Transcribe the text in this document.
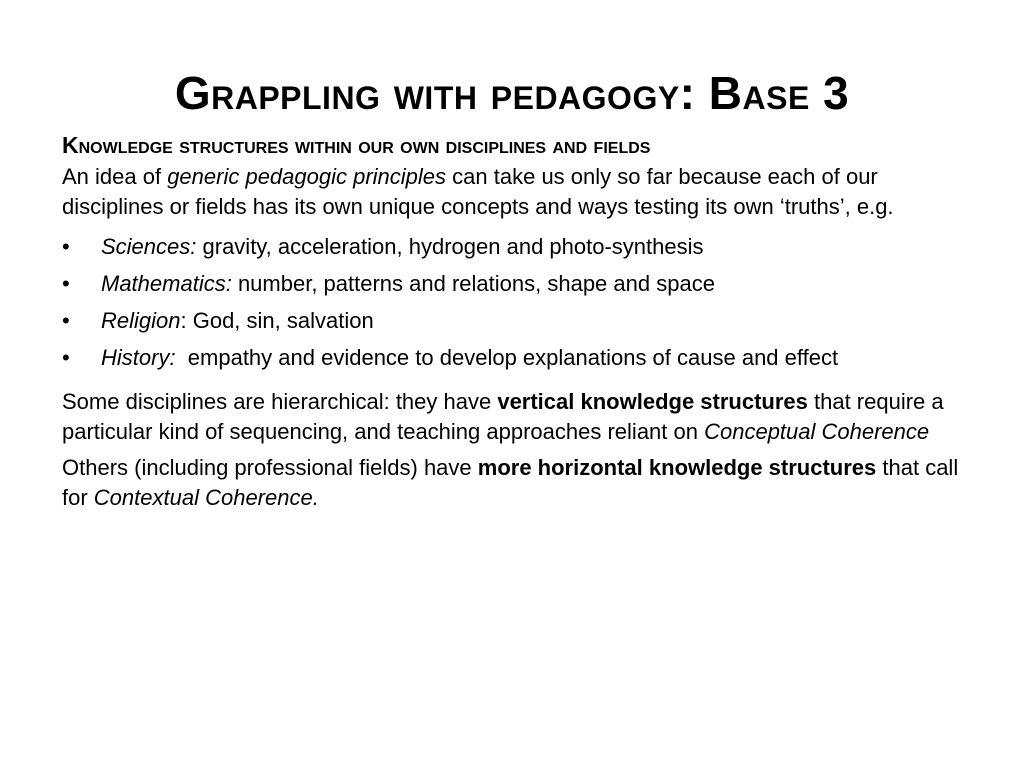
Grappling with pedagogy: Base 3
Knowledge structures within our own disciplines and fields

An idea of generic pedagogic principles can take us only so far because each of our disciplines or fields has its own unique concepts and ways testing its own ‘truths’, e.g.

•	Sciences: gravity, acceleration, hydrogen and photo-synthesis
•	Mathematics: number, patterns and relations, shape and space
•	Religion: God, sin, salvation
•	History:  empathy and evidence to develop explanations of cause and effect

Some disciplines are hierarchical: they have vertical knowledge structures that require a particular kind of sequencing, and teaching approaches reliant on Conceptual Coherence

Others (including professional fields) have more horizontal knowledge structures that call for Contextual Coherence.
